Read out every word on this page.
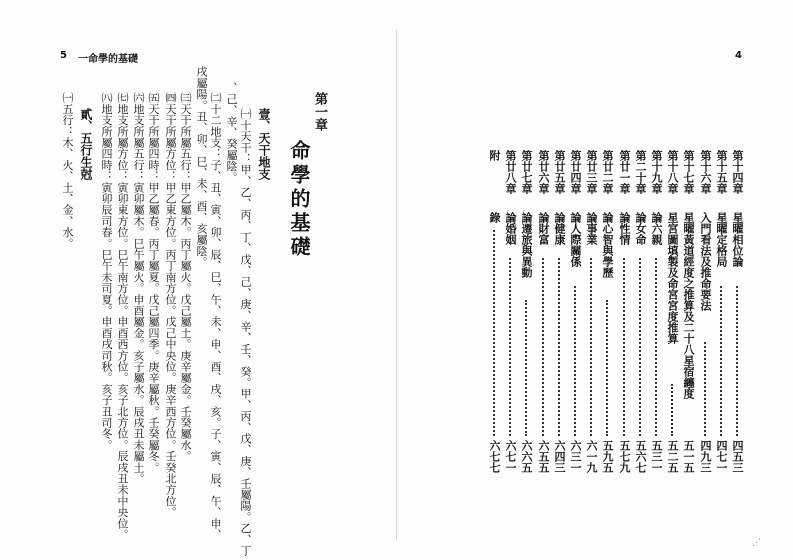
5 一命學的基礎
第一章
命學的基礎
壹、天干地支
㈠十天干：甲、乙、丙、丁、戊、己、庚、辛、壬、癸。甲、丙、戊、庚、壬屬陽。乙、丁
、己、辛、癸屬陰。
㈡十二地支：子、丑、寅、卯、辰、巳、午、未、申、酉、戌、亥。子、寅、辰、午、申、
戌屬陽。丑、卯、巳、未、酉、亥屬陰。
㈢天干所屬五行：甲乙屬木。丙丁屬火。戊己屬土。庚辛屬金。壬癸屬水。
㈣天干所屬方位：甲乙東方位。丙丁南方位。戊己中央位。庚辛西方位。壬癸北方位。
㈤天干所屬四時：甲乙屬春。丙丁屬夏。戊己屬四季。庚辛屬秋。壬癸屬冬。
㈥地支所屬五行：寅卯屬木。巳午屬火。申酉屬金。亥子屬水。辰戌丑未屬土。
㈦地支所屬方位：寅卯東方位。巳午南方位。申酉西方位。亥子北方位。辰戌丑未中央位。
㈧地支所屬四時：寅卯辰司春。巳午未司夏。申酉戌司秋。亥子丑司冬。
貳、五行生尅
㈠五行：木、火、土、金、水。
4
第十四章
星曜相位論
四五三
第十五章
星曜定格局
四七一
第十六章
入門看法及推命要法
四九三
第十七章
星曜黃道經度之推算及二十八星宿纏度
五一五
第十八章
星宮圖填製及命宮宮度推算
五二五
第十九章
論六親
五三一
第二十章
論女命
五六七
第廿一章
論性情
五七九
第廿二章
論心智與學歷
五九五
第廿三章
論事業
六一九
第廿四章
論人際關係
六三一
第廿五章
論健康
六四三
第廿六章
論財富
六五五
第廿七章
論遷旅與異動
六六五
第廿八章
論婚姻
六七一
附
錄
六七七
⋰
